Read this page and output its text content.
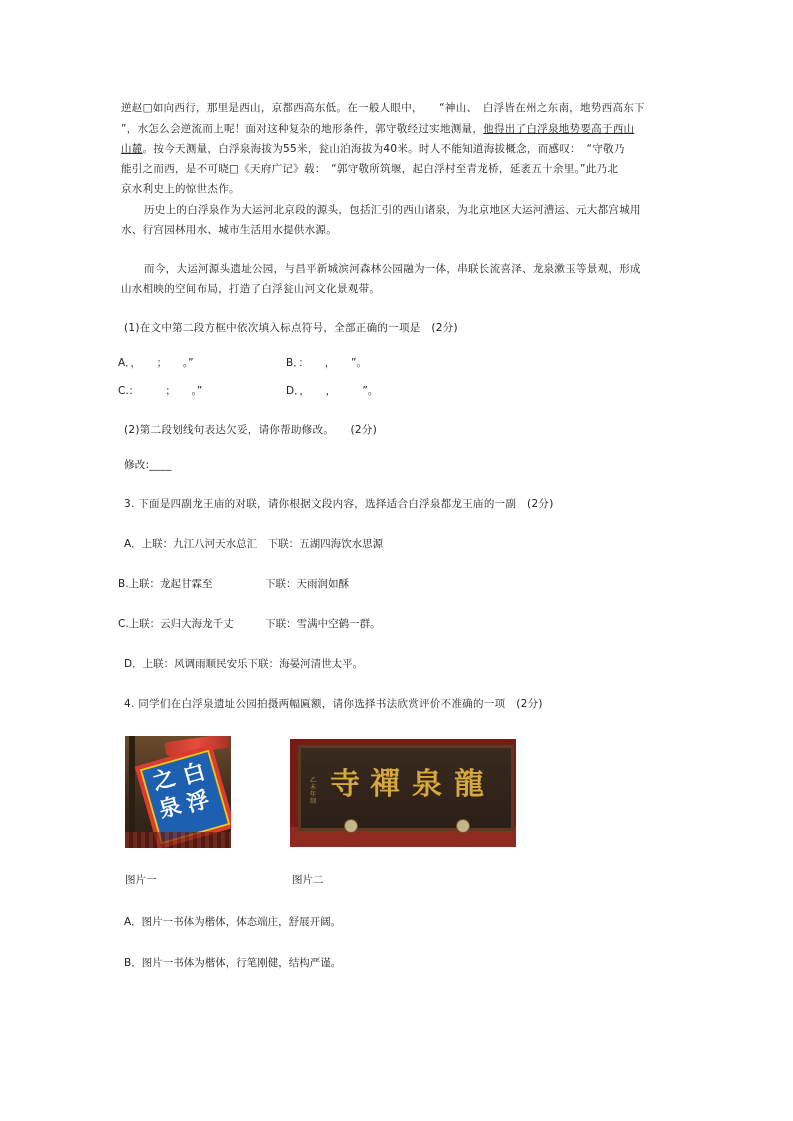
逆赵□如向西行，那里是西山，京都西高东低。在一般人眼中，　　“神山、　白浮皆在州之东南，地势西高东下
”，水怎么会逆流而上呢！面对这种复杂的地形条件，郭守敬经过实地测量，他得出了白浮泉地势要高于西山
山麓。按今天测量，白浮泉海拔为55米，瓮山泊海拔为40米。时人不能知道海拔概念，而感叹：　“守敬乃
能引之而西，是不可晓□《天府广记》载：　“郭守敬所筑堰，起白浮村至青龙桥，延袤五十余里。”此乃北
京水利史上的惊世杰作。
历史上的白浮泉作为大运河北京段的源头，包括汇引的西山诸泉，为北京地区大运河漕运、元大都宫城用
水、行宫园林用水、城市生活用水提供水源。
而今，大运河源头遗址公园，与昌平新城滨河森林公园融为一体，串联长流喜泽、龙泉漱玉等景观，形成
山水相映的空间布局，打造了白浮瓮山河文化景观带。
(1)在文中第二段方框中依次填入标点符号，全部正确的一项是　(2分)
A．，　　；　　。”	B．：　　，　　”。
C.：　　　；　　。”	D．，　　，　　　”。
(2)第二段划线句表达欠妥，请你帮助修改。　　(2分)
修改:____
3. 下面是四副龙王庙的对联，请你根据文段内容，选择适合白浮泉都龙王庙的一副　(2分)
A．上联：九江八河天水总汇　下联：五湖四海饮水思源
B.上联：龙起甘霖至　　　　　下联：天雨润如酥
C.上联：云归大海龙千丈　　　下联：雪满中空鹤一群。
D．上联：风调雨顺民安乐下联：海晏河清世太平。
4. 同学们在白浮泉遗址公园拍摄两幅匾额，请你选择书法欣赏评价不准确的一项　(2分)
白
浮
泉
之
图片一
乙未年制 寺 禪 泉 龍
图片二
A．图片一书体为楷体，体态端庄，舒展开阔。
B．图片一书体为楷体，行笔刚健，结构严谨。
